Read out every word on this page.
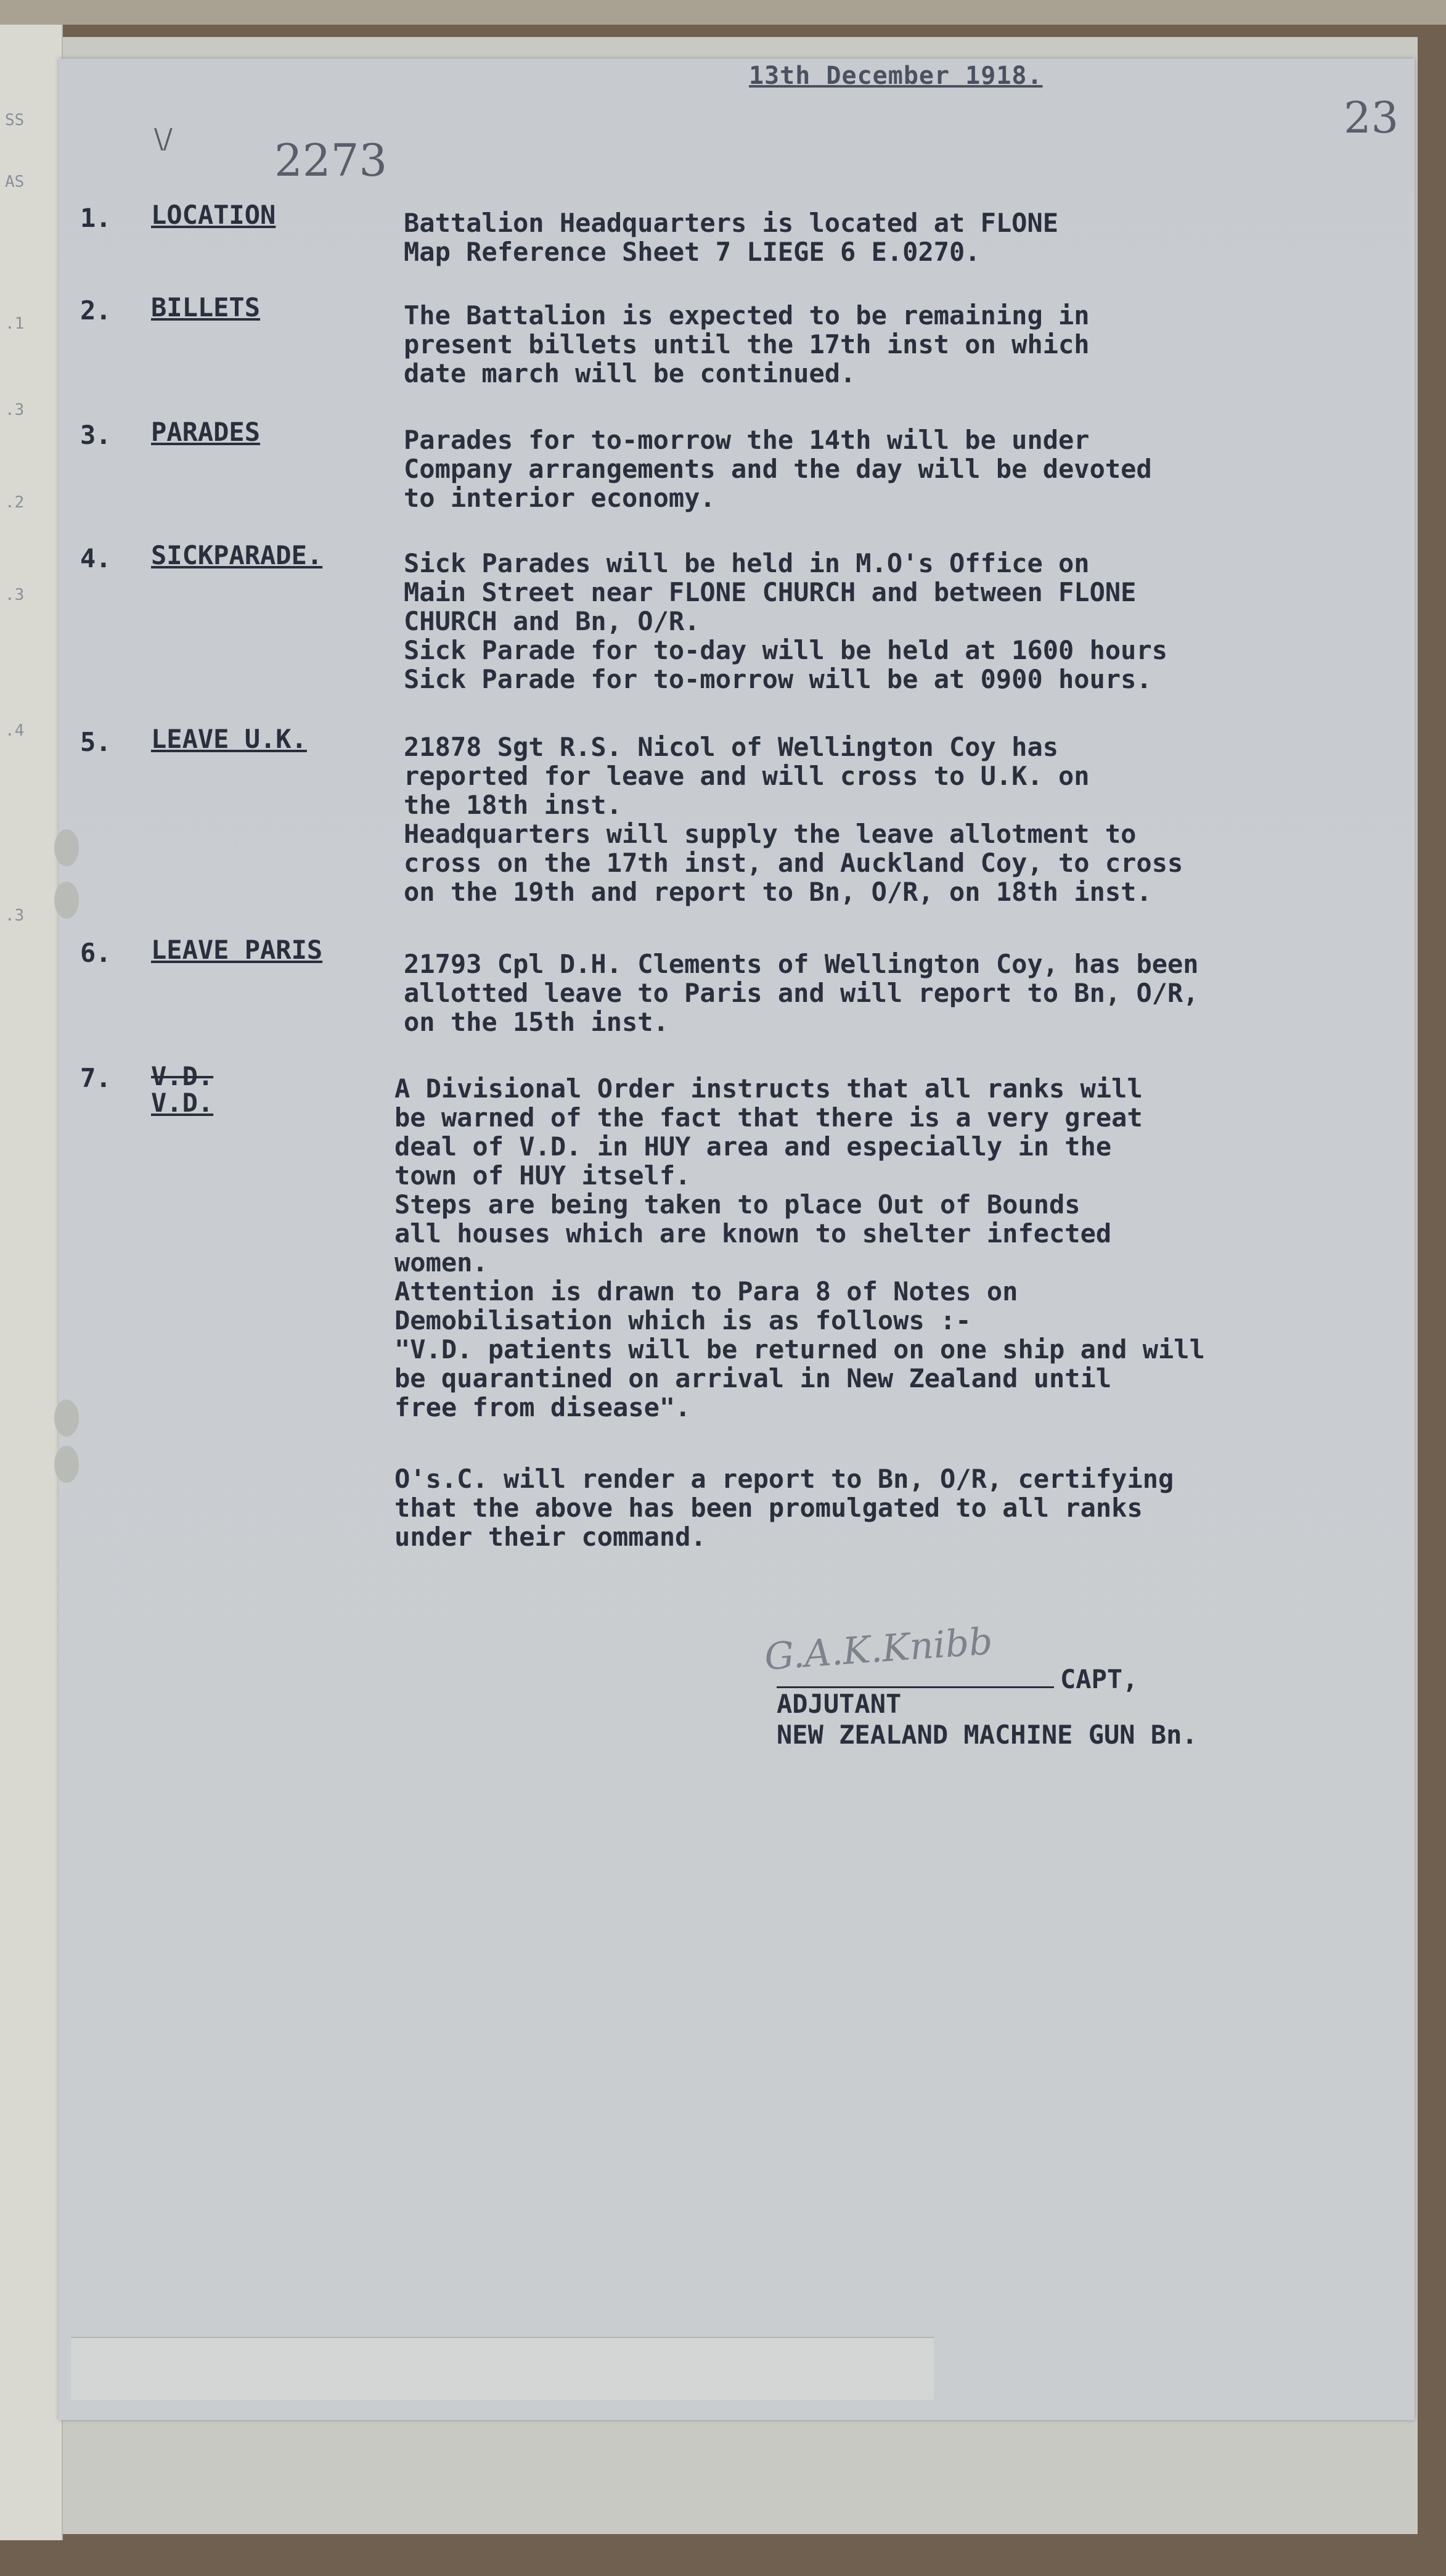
SS
AS
.1
.3
.2
.3
.4
.3
13th December 1918.
\/ 2273
23
1. LOCATION	Battalion Headquarters is located at FLONE
Map Reference Sheet 7 LIEGE 6 E.0270.
2. BILLETS	The Battalion is expected to be remaining in
present billets until the 17th inst on which
date march will be continued.
3. PARADES	Parades for to-morrow the 14th will be under
Company arrangements and the day will be devoted
to interior economy.
4. SICKPARADE.	Sick Parades will be held in M.O's Office on
Main Street near FLONE CHURCH and between FLONE
CHURCH and Bn, O/R.
Sick Parade for to-day will be held at 1600 hours
Sick Parade for to-morrow will be at 0900 hours.
5. LEAVE U.K.	21878 Sgt R.S. Nicol of Wellington Coy has
reported for leave and will cross to U.K. on
the 18th inst.
Headquarters will supply the leave allotment to
cross on the 17th inst, and Auckland Coy, to cross
on the 19th and report to Bn, O/R, on 18th inst.
6. LEAVE PARIS	21793 Cpl D.H. Clements of Wellington Coy, has been
allotted leave to Paris and will report to Bn, O/R,
on the 15th inst.
7. V.D.
V.D.	A Divisional Order instructs that all ranks will
be warned of the fact that there is a very great
deal of V.D. in HUY area and especially in the
town of HUY itself.
Steps are being taken to place Out of Bounds
all houses which are known to shelter infected
women.
Attention is drawn to Para 8 of Notes on
Demobilisation which is as follows :-
"V.D. patients will be returned on one ship and will
be quarantined on arrival in New Zealand until
free from disease".
O's.C. will render a report to Bn, O/R, certifying
that the above has been promulgated to all ranks
under their command.
G.A.K.Knibb
CAPT,
ADJUTANT
NEW ZEALAND MACHINE GUN Bn.
